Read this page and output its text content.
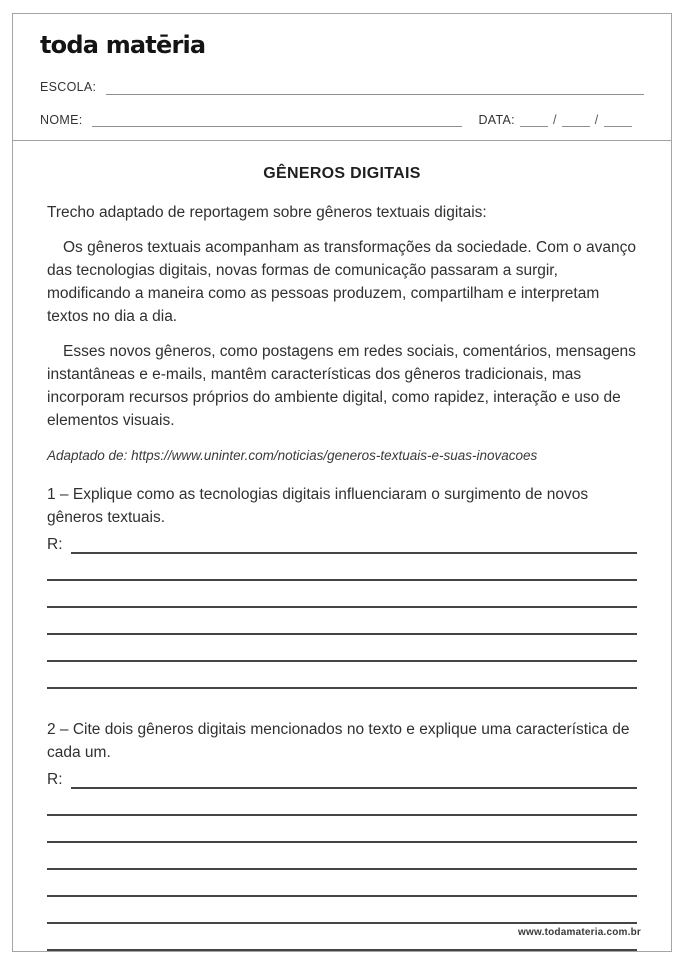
toda matēria
ESCOLA:
NOME:	DATA:	/	/
GÊNEROS DIGITAIS

Trecho adaptado de reportagem sobre gêneros textuais digitais:

Os gêneros textuais acompanham as transformações da sociedade. Com o avanço das tecnologias digitais, novas formas de comunicação passaram a surgir, modificando a maneira como as pessoas produzem, compartilham e interpretam textos no dia a dia.

Esses novos gêneros, como postagens em redes sociais, comentários, mensagens instantâneas e e-mails, mantêm características dos gêneros tradicionais, mas incorporam recursos próprios do ambiente digital, como rapidez, interação e uso de elementos visuais.

Adaptado de: https://www.uninter.com/noticias/generos-textuais-e-suas-inovacoes

1 – Explique como as tecnologias digitais influenciaram o surgimento de novos gêneros textuais.

R:

2 – Cite dois gêneros digitais mencionados no texto e explique uma característica de cada um.

R:
www.todamateria.com.br
